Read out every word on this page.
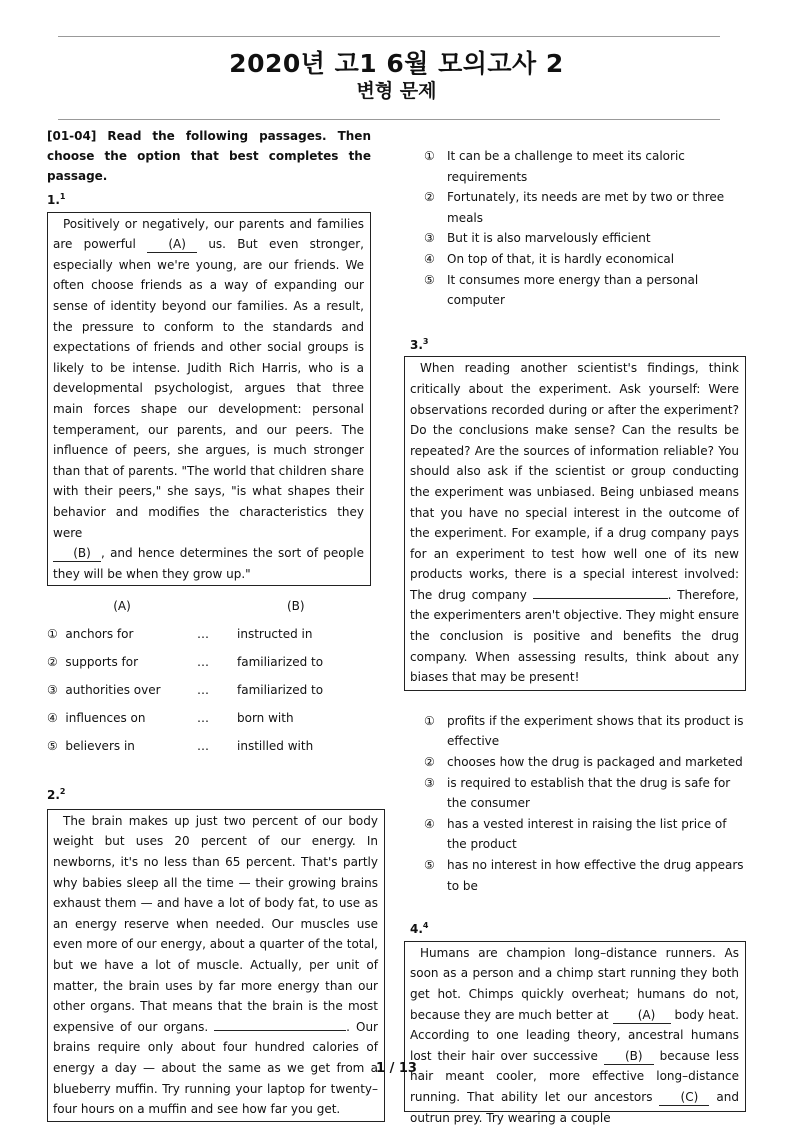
2020년 고1 6월 모의고사 2
변형 문제
[01-04] Read the following passages. Then choose the option that best completes the passage.
1.$^1$

Positively or negatively, our parents and families are powerful	(A) us. But even stronger, especially when we're young, are our friends. We often choose friends as a way of expanding our sense of identity beyond our families. As a result, the pressure to conform to the standards and expectations of friends and other social groups is likely to be intense. Judith Rich Harris, who is a developmental psychologist, argues that three main forces shape our development: personal temperament, our parents, and our peers. The influence of peers, she argues, is much stronger than that of parents. "The world that children share with their peers," she says, "is what shapes their behavior and modifies the characteristics they were
(B) , and hence determines the sort of people they will be when they grow up."

(A)		(B)
① anchors for	…	instructed in
② supports for	…	familiarized to
③ authorities over	…	familiarized to
④ influences on	…	born with
⑤ believers in	…	instilled with
2.$^2$

The brain makes up just two percent of our body weight but uses 20 percent of our energy. In newborns, it's no less than 65 percent. That's partly why babies sleep all the time — their growing brains exhaust them — and have a lot of body fat, to use as an energy reserve when needed. Our muscles use even more of our energy, about a quarter of the total, but we have a lot of muscle. Actually, per unit of matter, the brain uses by far more energy than our other organs. That means that the brain is the most expensive of our organs.	. Our brains require only about four hundred calories of energy a day — about the same as we get from a blueberry muffin. Try running your laptop for twenty–four hours on a muffin and see how far you get.

① It can be a challenge to meet its caloric requirements
② Fortunately, its needs are met by two or three meals
③ But it is also marvelously efficient
④ On top of that, it is hardly economical
⑤ It consumes more energy than a personal computer
3.$^3$

When reading another scientist's findings, think critically about the experiment. Ask yourself: Were observations recorded during or after the experiment? Do the conclusions make sense? Can the results be repeated? Are the sources of information reliable? You should also ask if the scientist or group conducting the experiment was unbiased. Being unbiased means that you have no special interest in the outcome of the experiment. For example, if a drug company pays for an experiment to test how well one of its new products works, there is a special interest involved: The drug company	. Therefore, the experimenters aren't objective. They might ensure the conclusion is positive and benefits the drug company. When assessing results, think about any biases that may be present!

① profits if the experiment shows that its product is effective
② chooses how the drug is packaged and marketed
③ is required to establish that the drug is safe for the consumer
④ has a vested interest in raising the list price of the product
⑤ has no interest in how effective the drug appears to be
4.$^4$

Humans are champion long–distance runners. As soon as a person and a chimp start running they both get hot. Chimps quickly overheat; humans do not, because they are much better at (A) body heat. According to one leading theory, ancestral humans lost their hair over successive (B) because less hair meant cooler, more effective long–distance running. That ability let our ancestors (C) and outrun prey. Try wearing a couple

1 / 13
